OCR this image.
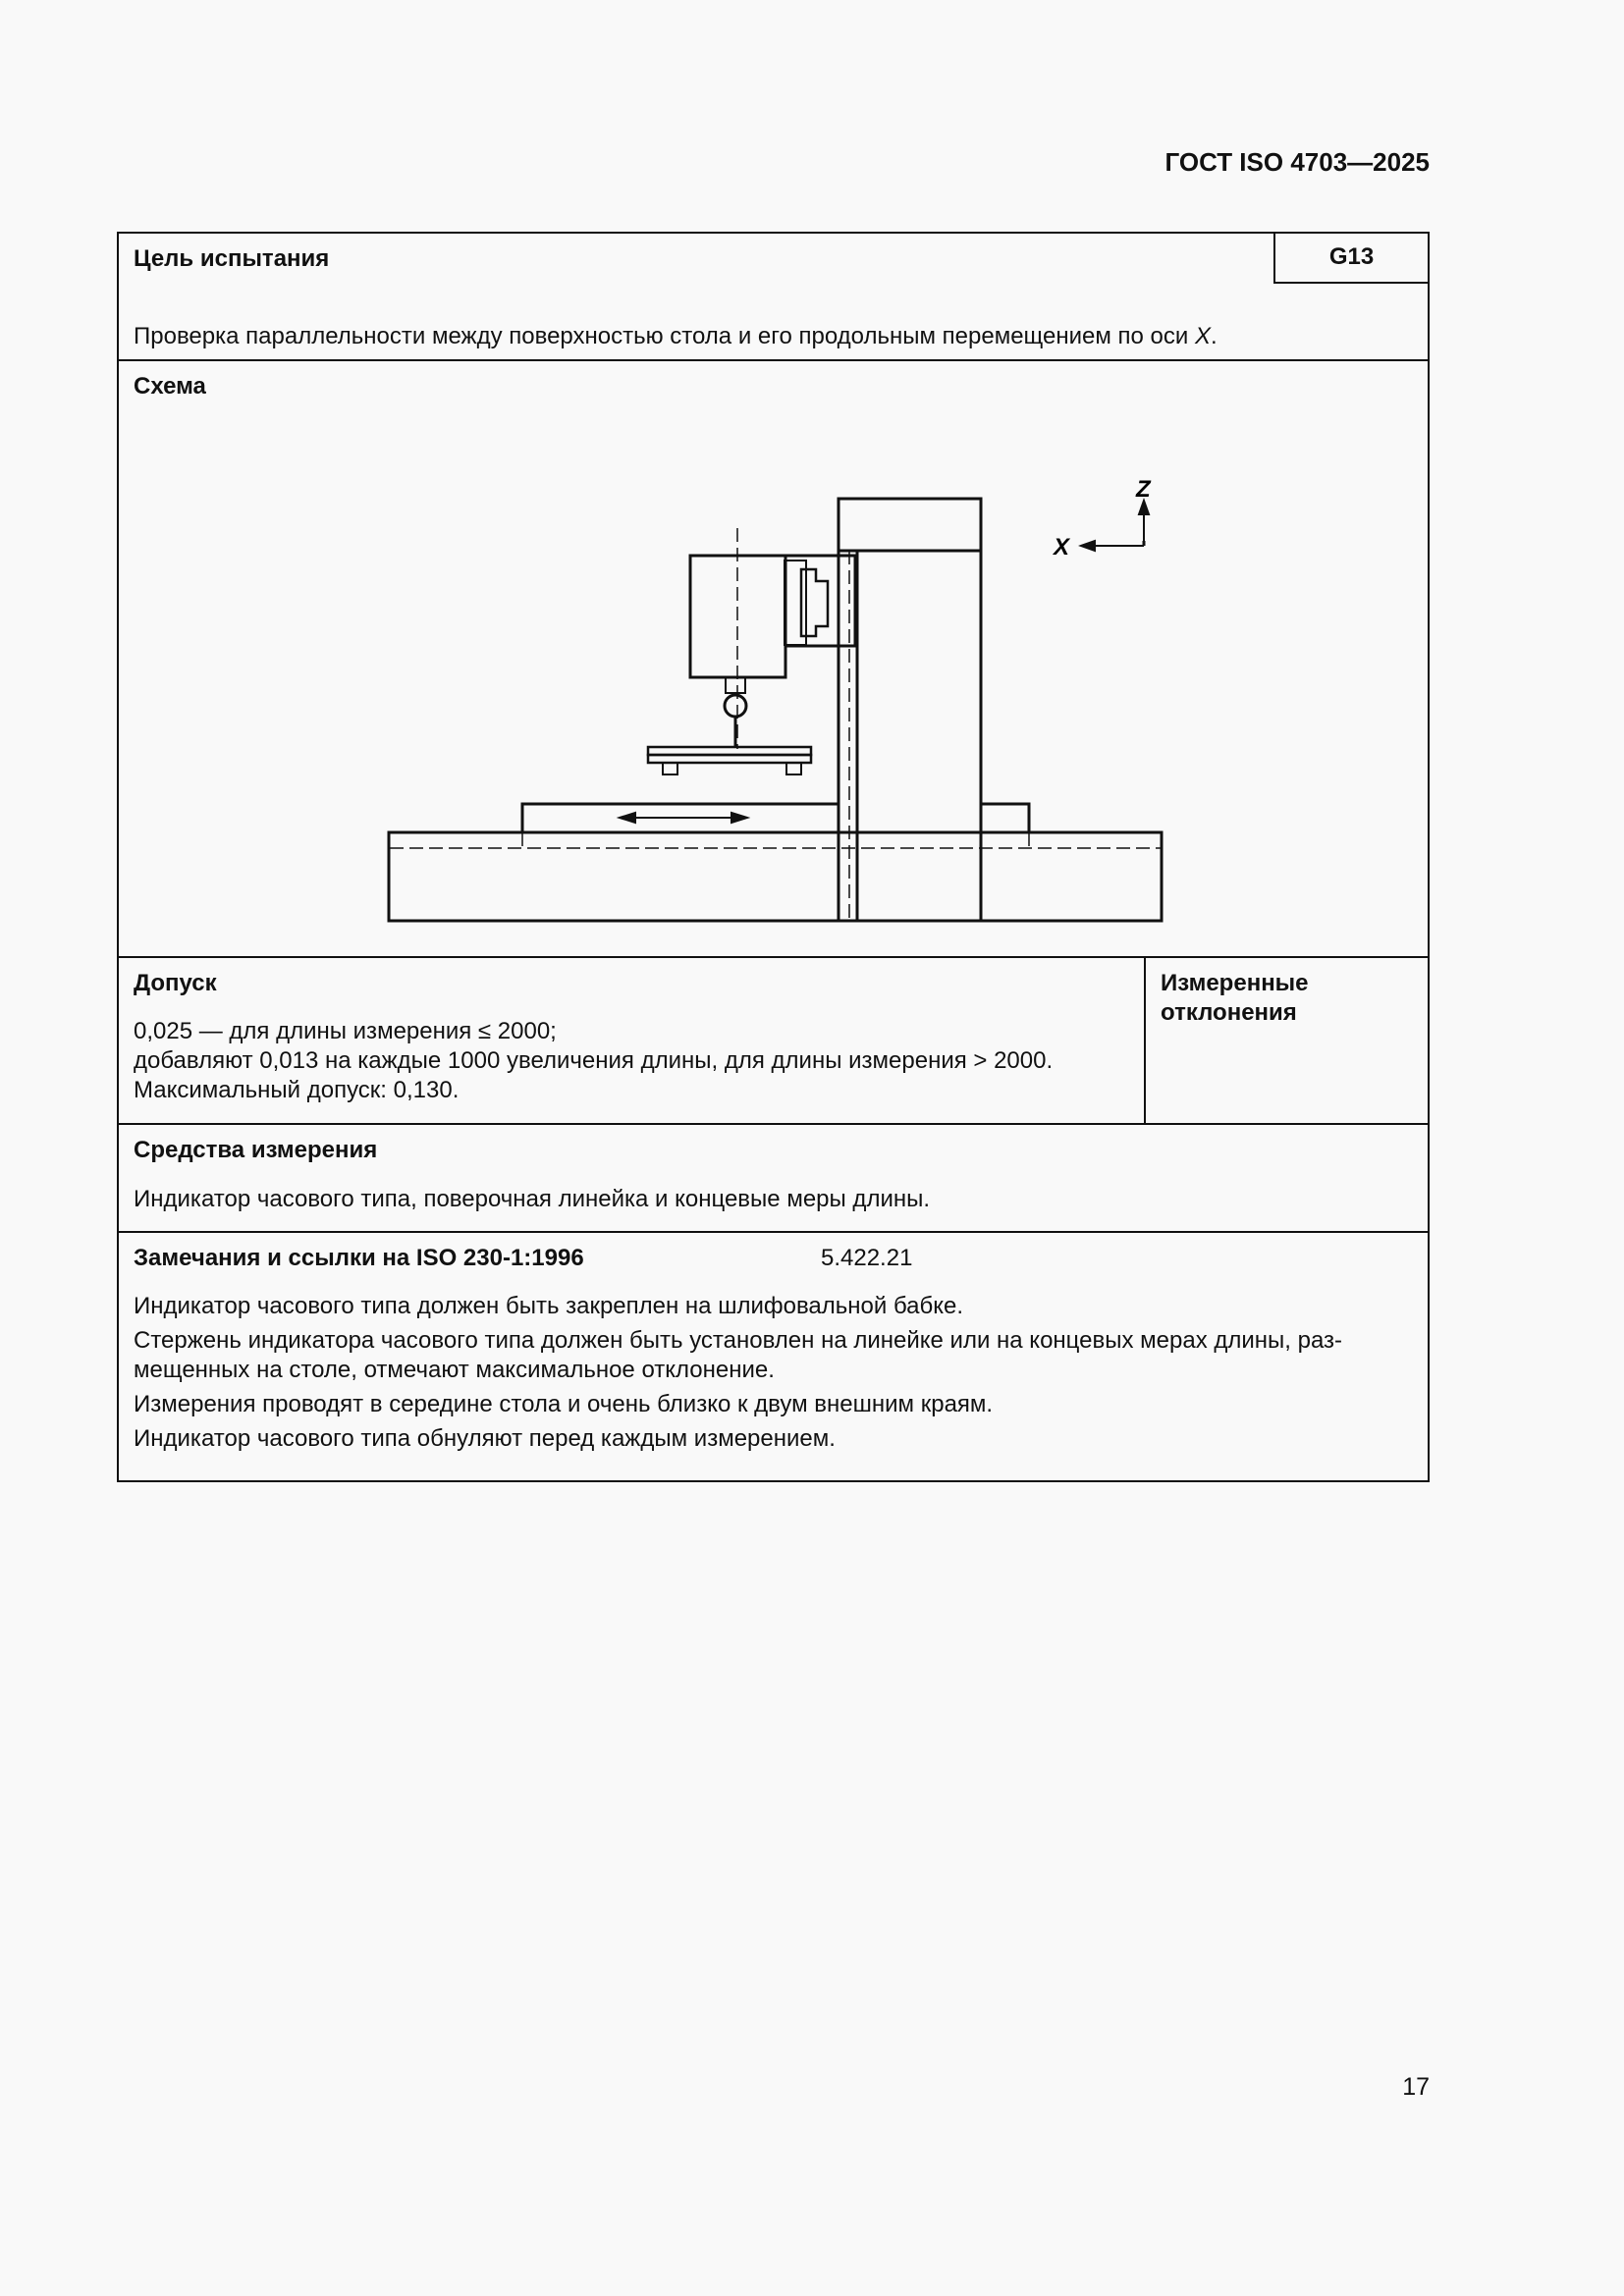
ГОСТ ISO 4703—2025
Цель испытания	G13
Проверка параллельности между поверхностью стола и его продольным перемещением по оси X.
Схема
Z
X
Допуск
0,025 — для длины измерения ≤ 2000;
добавляют 0,013 на каждые 1000 увеличения длины, для длины измерения > 2000.
Максимальный допуск: 0,130.
Измеренные
отклонения
Средства измерения
Индикатор часового типа, поверочная линейка и концевые меры длины.
Замечания и ссылки на ISO 230-1:1996	5.422.21
Индикатор часового типа должен быть закреплен на шлифовальной бабке.
Стержень индикатора часового типа должен быть установлен на линейке или на концевых мерах длины, раз-
мещенных на столе, отмечают максимальное отклонение.
Измерения проводят в середине стола и очень близко к двум внешним краям.
Индикатор часового типа обнуляют перед каждым измерением.
17
